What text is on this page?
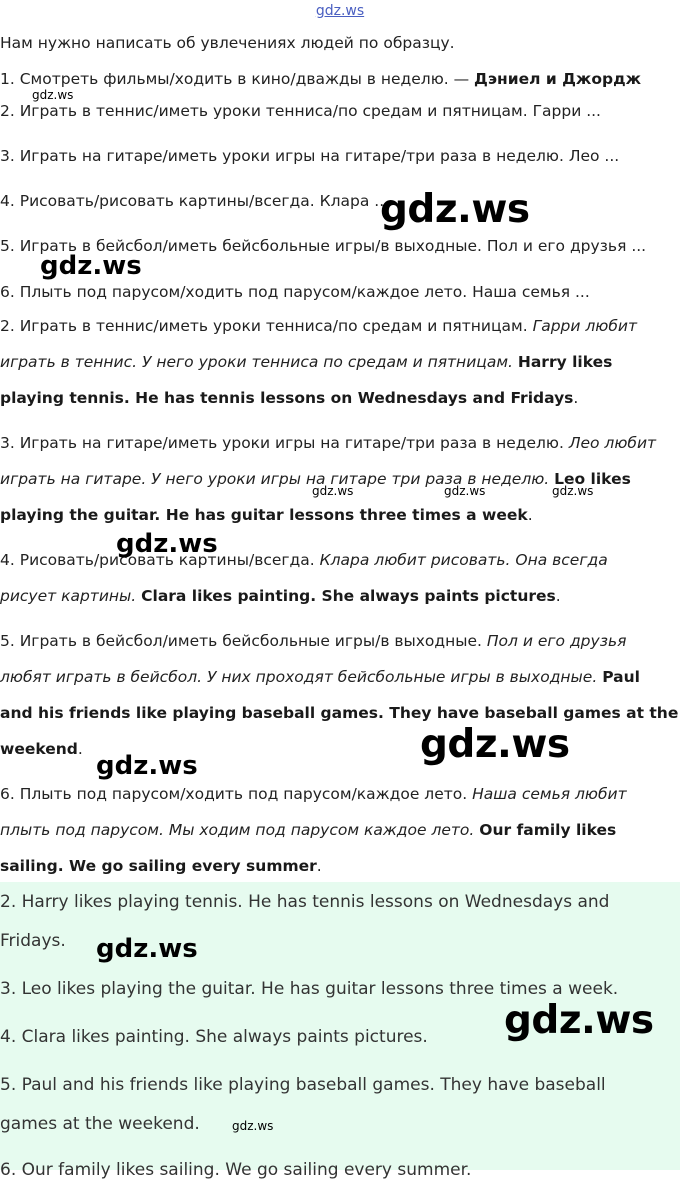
gdz.ws
Нам нужно написать об увлечениях людей по образцу.
1. Смотреть фильмы/ходить в кино/дважды в неделю. — Дэниел и Джордж
2. Играть в теннис/иметь уроки тенниса/по средам и пятницам. Гарри ...
3. Играть на гитаре/иметь уроки игры на гитаре/три раза в неделю. Лео ...
4. Рисовать/рисовать картины/всегда. Клара ...
5. Играть в бейсбол/иметь бейсбольные игры/в выходные. Пол и его друзья ...
6. Плыть под парусом/ходить под парусом/каждое лето. Наша семья ...
2. Играть в теннис/иметь уроки тенниса/по средам и пятницам. Гарри любит
играть в теннис. У него уроки тенниса по средам и пятницам. Harry likes
playing tennis. He has tennis lessons on Wednesdays and Fridays.
3. Играть на гитаре/иметь уроки игры на гитаре/три раза в неделю. Лео любит
играть на гитаре. У него уроки игры на гитаре три раза в неделю. Leo likes
playing the guitar. He has guitar lessons three times a week.
4. Рисовать/рисовать картины/всегда. Клара любит рисовать. Она всегда
рисует картины. Clara likes painting. She always paints pictures.
5. Играть в бейсбол/иметь бейсбольные игры/в выходные. Пол и его друзья
любят играть в бейсбол. У них проходят бейсбольные игры в выходные. Paul
and his friends like playing baseball games. They have baseball games at the
weekend.
6. Плыть под парусом/ходить под парусом/каждое лето. Наша семья любит
плыть под парусом. Мы ходим под парусом каждое лето. Our family likes
sailing. We go sailing every summer.
2. Harry likes playing tennis. He has tennis lessons on Wednesdays and
Fridays.
3. Leo likes playing the guitar. He has guitar lessons three times a week.
4. Clara likes painting. She always paints pictures.
5. Paul and his friends like playing baseball games. They have baseball
games at the weekend.
6. Our family likes sailing. We go sailing every summer.
gdz.ws
gdz.ws
gdz.ws
gdz.ws	gdz.ws	gdz.ws
gdz.ws
gdz.ws
gdz.ws
gdz.ws
gdz.ws
gdz.ws
